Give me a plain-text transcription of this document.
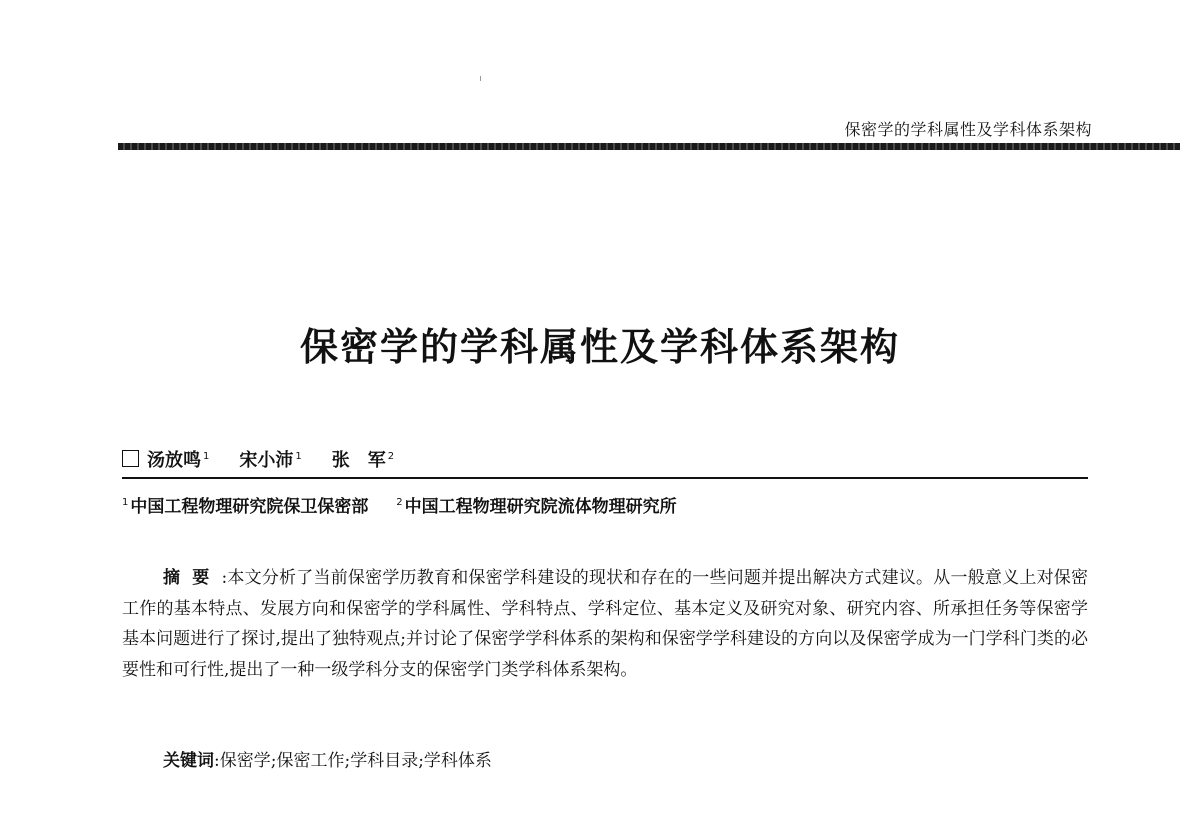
保密学的学科属性及学科体系架构
保密学的学科属性及学科体系架构
汤放鸣 $^1$ 宋小沛 $^1$ 张　军 $^2$
$^1$ 中国工程物理研究院保卫保密部	$^2$ 中国工程物理研究院流体物理研究所

摘要:本文分析了当前保密学历教育和保密学科建设的现状和存在的一些问题并提出解决方式建议。从一般意义上对保密工作的基本特点、发展方向和保密学的学科属性、学科特点、学科定位、基本定义及研究对象、研究内容、所承担任务等保密学基本问题进行了探讨,提出了独特观点;并讨论了保密学学科体系的架构和保密学学科建设的方向以及保密学成为一门学科门类的必要性和可行性,提出了一种一级学科分支的保密学门类学科体系架构。

关键词:保密学;保密工作;学科目录;学科体系
